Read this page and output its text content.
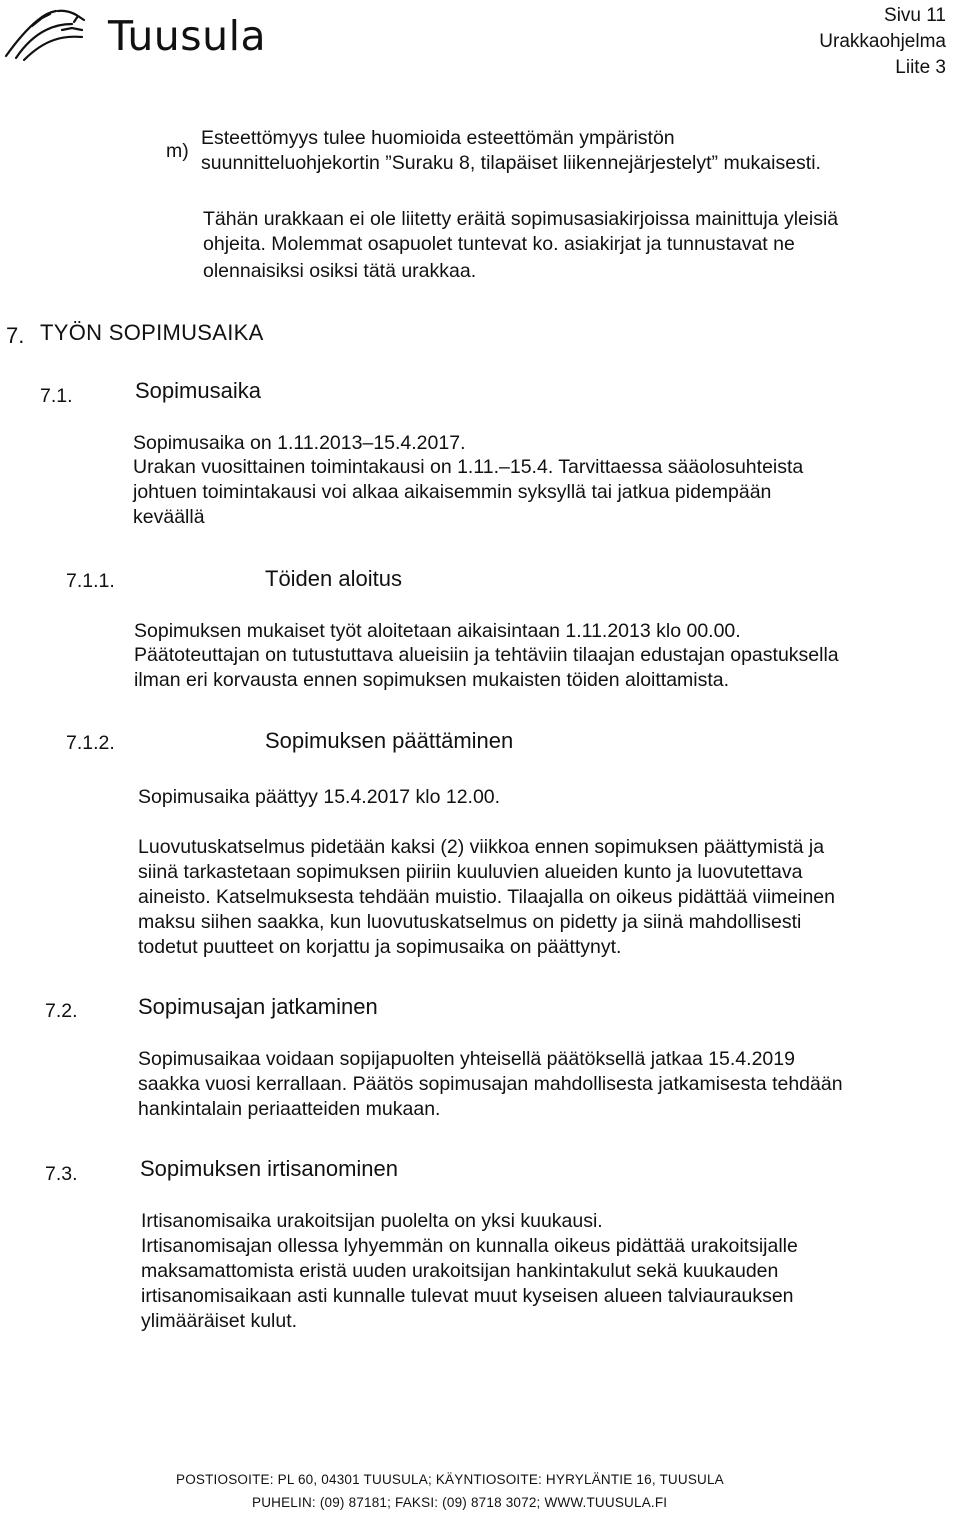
Tuusula	Sivu 11
Urakkaohjelma
Liite 3
m)
Esteettömyys tulee huomioida esteettömän ympäristön
suunnitteluohjekortin ”Suraku 8, tilapäiset liikennejärjestelyt” mukaisesti.
Tähän urakkaan ei ole liitetty eräitä sopimusasiakirjoissa mainittuja yleisiä
ohjeita. Molemmat osapuolet tuntevat ko. asiakirjat ja tunnustavat ne
olennaisiksi osiksi tätä urakkaa.
7. TYÖN SOPIMUSAIKA
7.1.	Sopimusaika
Sopimusaika on 1.11.2013–15.4.2017.
Urakan vuosittainen toimintakausi on 1.11.–15.4. Tarvittaessa sääolosuhteista
johtuen toimintakausi voi alkaa aikaisemmin syksyllä tai jatkua pidempään
keväällä
7.1.1.	Töiden aloitus
Sopimuksen mukaiset työt aloitetaan aikaisintaan 1.11.2013 klo 00.00.
Päätoteuttajan on tutustuttava alueisiin ja tehtäviin tilaajan edustajan opastuksella
ilman eri korvausta ennen sopimuksen mukaisten töiden aloittamista.
7.1.2.	Sopimuksen päättäminen
Sopimusaika päättyy 15.4.2017 klo 12.00.
Luovutuskatselmus pidetään kaksi (2) viikkoa ennen sopimuksen päättymistä ja
siinä tarkastetaan sopimuksen piiriin kuuluvien alueiden kunto ja luovutettava
aineisto. Katselmuksesta tehdään muistio. Tilaajalla on oikeus pidättää viimeinen
maksu siihen saakka, kun luovutuskatselmus on pidetty ja siinä mahdollisesti
todetut puutteet on korjattu ja sopimusaika on päättynyt.
7.2.	Sopimusajan jatkaminen
Sopimusaikaa voidaan sopijapuolten yhteisellä päätöksellä jatkaa 15.4.2019
saakka vuosi kerrallaan. Päätös sopimusajan mahdollisesta jatkamisesta tehdään
hankintalain periaatteiden mukaan.
7.3.	Sopimuksen irtisanominen
Irtisanomisaika urakoitsijan puolelta on yksi kuukausi.
Irtisanomisajan ollessa lyhyemmän on kunnalla oikeus pidättää urakoitsijalle
maksamattomista eristä uuden urakoitsijan hankintakulut sekä kuukauden
irtisanomisaikaan asti kunnalle tulevat muut kyseisen alueen talviaurauksen
ylimääräiset kulut.
POSTIOSOITE: PL 60, 04301 TUUSULA; KÄYNTIOSOITE: HYRYLÄNTIE 16, TUUSULA
PUHELIN: (09) 87181; FAKSI: (09) 8718 3072; WWW.TUUSULA.FI
